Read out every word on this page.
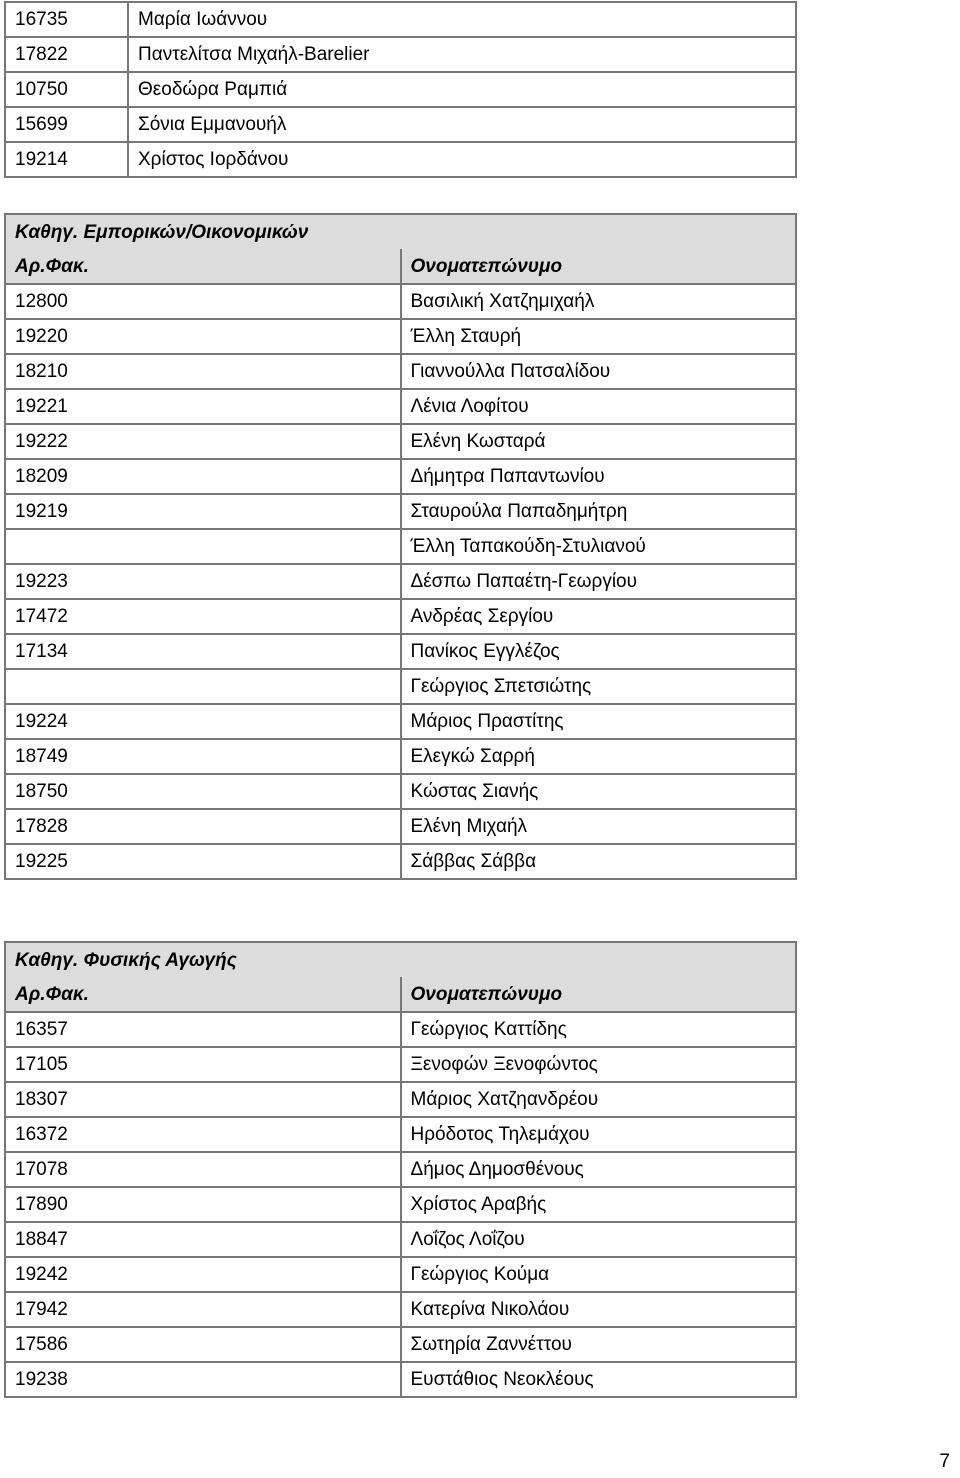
16735	Μαρία Ιωάννου
17822	Παντελίτσα Μιχαήλ-Barelier
10750	Θεοδώρα Ραμπιά
15699	Σόνια Εμμανουήλ
19214	Χρίστος Ιορδάνου
Καθηγ. Εμπορικών/Οικονομικών	
Αρ.Φακ.	Ονοματεπώνυμο
12800	Βασιλική Χατζημιχαήλ
19220	Έλλη Σταυρή
18210	Γιαννούλλα Πατσαλίδου
19221	Λένια Λοφίτου
19222	Ελένη Κωσταρά
18209	Δήμητρα Παπαντωνίου
19219	Σταυρούλα Παπαδημήτρη
	Έλλη Ταπακούδη-Στυλιανού
19223	Δέσπω Παπαέτη-Γεωργίου
17472	Ανδρέας Σεργίου
17134	Πανίκος Εγγλέζος
	Γεώργιος Σπετσιώτης
19224	Μάριος Πραστίτης
18749	Ελεγκώ Σαρρή
18750	Κώστας Σιανής
17828	Ελένη Μιχαήλ
19225	Σάββας Σάββα
Καθηγ. Φυσικής Αγωγής	
Αρ.Φακ.	Ονοματεπώνυμο
16357	Γεώργιος Καττίδης
17105	Ξενοφών Ξενοφώντος
18307	Μάριος Χατζηανδρέου
16372	Ηρόδοτος Τηλεμάχου
17078	Δήμος Δημοσθένους
17890	Χρίστος Αραβής
18847	Λοΐζος Λοΐζου
19242	Γεώργιος Κούμα
17942	Κατερίνα Νικολάου
17586	Σωτηρία Ζαννέττου
19238	Ευστάθιος Νεοκλέους
7
